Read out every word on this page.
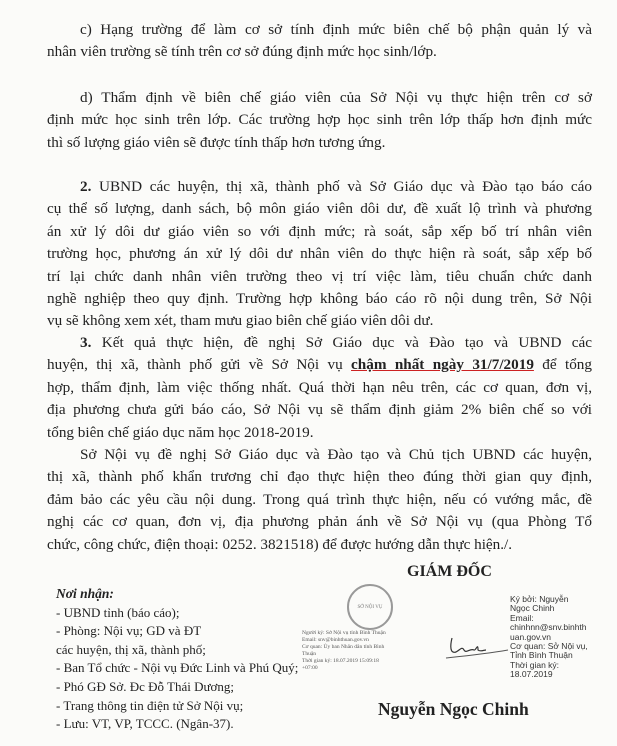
c) Hạng trường để làm cơ sở tính định mức biên chế bộ phận quản lý và
nhân viên trường sẽ tính trên cơ sở đúng định mức học sinh/lớp.
d) Thẩm định về biên chế giáo viên của Sở Nội vụ thực hiện trên cơ sở
định mức học sinh trên lớp. Các trường hợp học sinh trên lớp thấp hơn định mức
thì số lượng giáo viên sẽ được tính thấp hơn tương ứng.
2. UBND các huyện, thị xã, thành phố và Sở Giáo dục và Đào tạo báo cáo
cụ thể số lượng, danh sách, bộ môn giáo viên dôi dư, đề xuất lộ trình và phương
án xử lý dôi dư giáo viên so với định mức; rà soát, sắp xếp bố trí nhân viên
trường học, phương án xử lý dôi dư nhân viên do thực hiện rà soát, sắp xếp bố
trí lại chức danh nhân viên trường theo vị trí việc làm, tiêu chuẩn chức danh
nghề nghiệp theo quy định. Trường hợp không báo cáo rõ nội dung trên, Sở Nội
vụ sẽ không xem xét, tham mưu giao biên chế giáo viên dôi dư.
3. Kết quả thực hiện, đề nghị Sở Giáo dục và Đào tạo và UBND các
huyện, thị xã, thành phố gửi về Sở Nội vụ chậm nhất ngày 31/7/2019 để tổng
hợp, thẩm định, làm việc thống nhất. Quá thời hạn nêu trên, các cơ quan, đơn vị,
địa phương chưa gửi báo cáo, Sở Nội vụ sẽ thẩm định giảm 2% biên chế so với
tổng biên chế giáo dục năm học 2018-2019.
Sở Nội vụ đề nghị Sở Giáo dục và Đào tạo và Chủ tịch UBND các huyện,
thị xã, thành phố khẩn trương chỉ đạo thực hiện theo đúng thời gian quy định,
đảm bảo các yêu cầu nội dung. Trong quá trình thực hiện, nếu có vướng mắc, đề
nghị các cơ quan, đơn vị, địa phương phản ánh về Sở Nội vụ (qua Phòng Tổ
chức, công chức, điện thoại: 0252. 3821518) để được hướng dẫn thực hiện./.
Nơi nhận:
- UBND tỉnh (báo cáo);
- Phòng: Nội vụ; GD và ĐT
các huyện, thị xã, thành phố;
- Ban Tổ chức - Nội vụ Đức Linh và Phú Quý;
- Phó GĐ Sở. Đc Đỗ Thái Dương;
- Trang thông tin điện tử Sở Nội vụ;
- Lưu: VT, VP, TCCC. (Ngân-37).
GIÁM ĐỐC
SỞ NỘI VỤ
Người ký: Sở Nội vụ tỉnh Bình Thuận
Email: snv@binhthuan.gov.vn
Cơ quan: Ủy ban Nhân dân tỉnh Bình Thuận
Thời gian ký: 18.07.2019 15:09:18 +07:00
Ký bởi: Nguyễn
Ngọc Chinh
Email:
chinhnn@snv.binhth
uan.gov.vn
Cơ quan: Sở Nội vụ,
Tỉnh Bình Thuận
Thời gian ký:
18.07.2019
Nguyễn Ngọc Chinh
